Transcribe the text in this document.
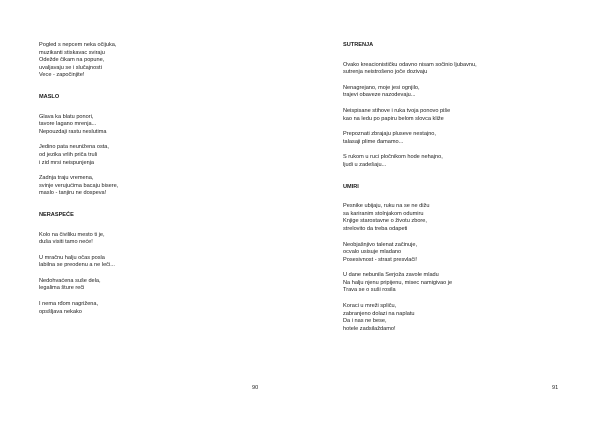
Pogled s nepcem neka očijuka,
muzikanti stiskavac sviraju
Odežde čikam na popune,
uvaljavaju se i slučajnosti
Vece - započinjite!
MASLO
Glava ka blatu ponori,
tavore lagano mrenja...
Nepouzdaji rastu neslutima
Jedino pata neunižena osta,
od jezika vrlih priča truli
i zid mrsi neispunjenja
Zadnja traju vremena,
svinje verujućima bacaju bisere,
maslo - tanjiru ne dospeva!
NERASPEĆE
Kolo na čiviliku mesto ti je,
duša visiti tamo neće!
U mračnu halju očas posla
labilna se preodenu a ne leči...
Nedohvaćena suše dela,
legalima šture reči
I nema rđom nagrižena,
opsšljava nekako
90
SUTRENJA
Ovako kreacionističku odavno nisam sočinio ljubavnu,
sutrenja neistrošeno joče dozivaju
Nenagrejano, moje jesi ognjilo,
trajevi obaveze nazodevaju...
Neispisane stihove i ruka tvoja ponovo piše
kao na ledu po papiru belom slovca kliže
Prepoznati zbrajaju pluseve nestajno,
talasaji plime đamamo...
S rukom u ruci pločnikom hode nehajno,
ljudi u zadešaju...
UMIRI
Pesnike ubijaju, ruku na se ne dižu
sa kariranim stolnjakom odumiru
Knjige starostavne o životu zbore,
strelovito da treba odapeti
Neobjašnjivo talenat začinuje,
ocvalo usisuje mladano
Posesivnost - strast presvlači!
U dane nebunila Serjoža zavole mladu
Na halju njenu pripijenu, misec namigivao je
Trava se o suši rosila
Koraci u mreži spliču,
zabranjeno dolazi na naplatu
Da i nas ne bese,
hotele zadsilaždamo!
91
